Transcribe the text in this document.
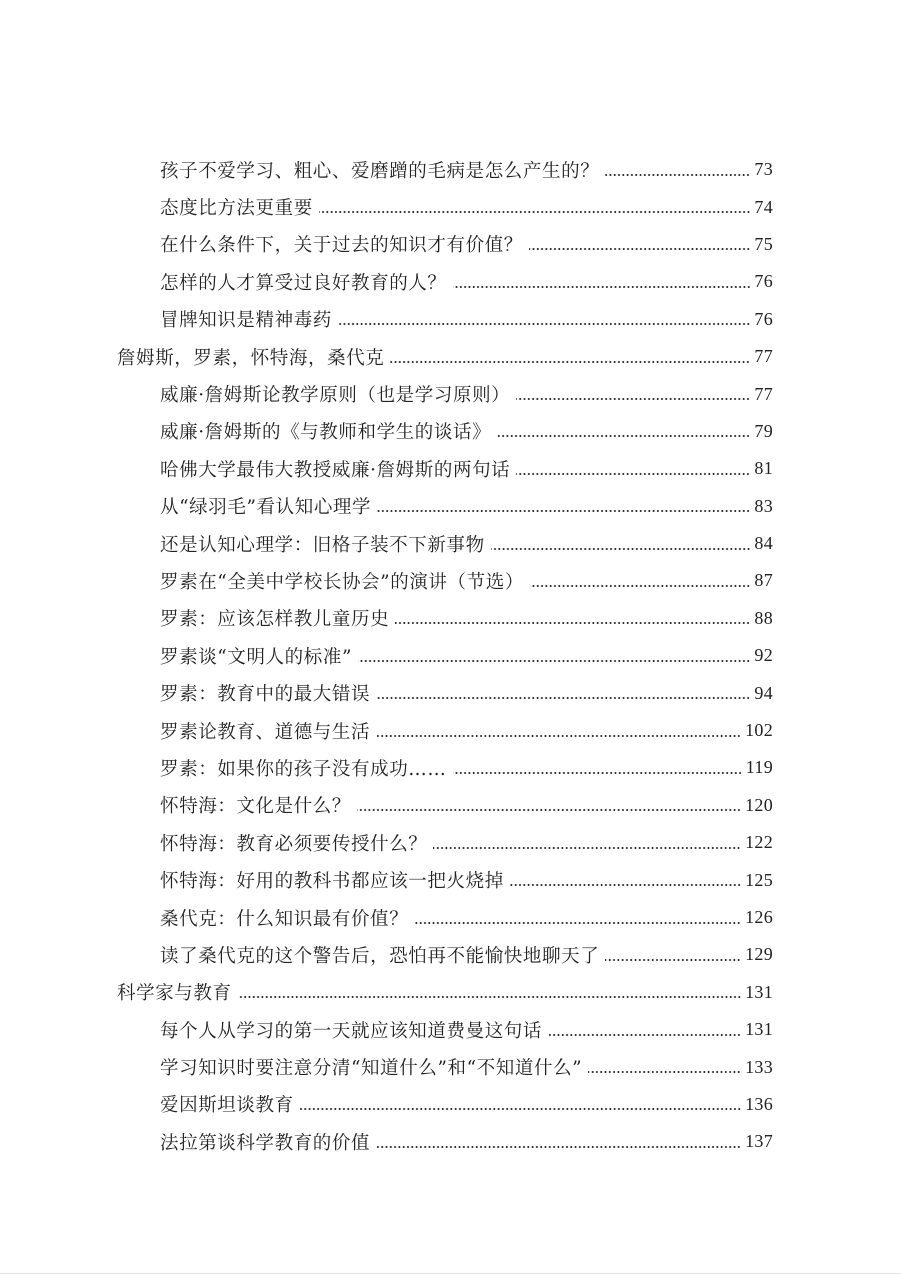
孩子不爱学习、粗心、爱磨蹭的毛病是怎么产生的？	73
态度比方法更重要	74
在什么条件下，关于过去的知识才有价值？	75
怎样的人才算受过良好教育的人？	76
冒牌知识是精神毒药	76
詹姆斯，罗素，怀特海，桑代克	77
威廉·詹姆斯论教学原则（也是学习原则）	77
威廉·詹姆斯的《与教师和学生的谈话》	79
哈佛大学最伟大教授威廉·詹姆斯的两句话	81
从“绿羽毛”看认知心理学	83
还是认知心理学：旧格子装不下新事物	84
罗素在“全美中学校长协会”的演讲（节选）	87
罗素：应该怎样教儿童历史	88
罗素谈“文明人的标准”	92
罗素：教育中的最大错误	94
罗素论教育、道德与生活	102
罗素：如果你的孩子没有成功……	119
怀特海：文化是什么？	120
怀特海：教育必须要传授什么？	122
怀特海：好用的教科书都应该一把火烧掉	125
桑代克：什么知识最有价值？	126
读了桑代克的这个警告后，恐怕再不能愉快地聊天了	129
科学家与教育	131
每个人从学习的第一天就应该知道费曼这句话	131
学习知识时要注意分清“知道什么”和“不知道什么”	133
爱因斯坦谈教育	136
法拉第谈科学教育的价值	137
